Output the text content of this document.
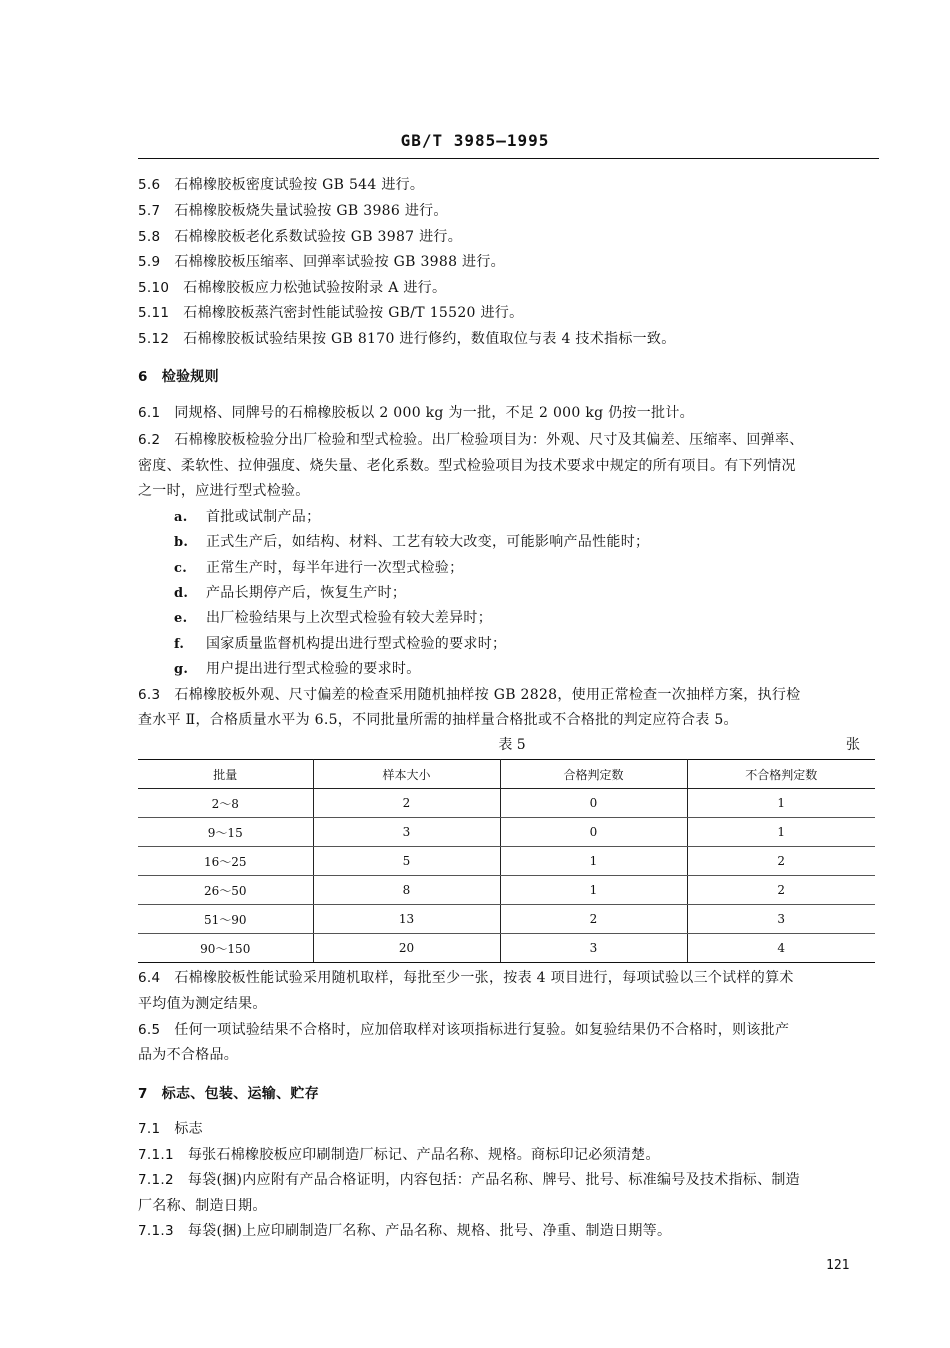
GB/T 3985—1995
5.6 石棉橡胶板密度试验按 GB 544 进行。
5.7 石棉橡胶板烧失量试验按 GB 3986 进行。
5.8 石棉橡胶板老化系数试验按 GB 3987 进行。
5.9 石棉橡胶板压缩率、回弹率试验按 GB 3988 进行。
5.10 石棉橡胶板应力松弛试验按附录 A 进行。
5.11 石棉橡胶板蒸汽密封性能试验按 GB/T 15520 进行。
5.12 石棉橡胶板试验结果按 GB 8170 进行修约，数值取位与表 4 技术指标一致。
6 检验规则
6.1 同规格、同牌号的石棉橡胶板以 2 000 kg 为一批，不足 2 000 kg 仍按一批计。
6.2 石棉橡胶板检验分出厂检验和型式检验。出厂检验项目为：外观、尺寸及其偏差、压缩率、回弹率、
密度、柔软性、拉伸强度、烧失量、老化系数。型式检验项目为技术要求中规定的所有项目。有下列情况
之一时，应进行型式检验。
a. 首批或试制产品；
b. 正式生产后，如结构、材料、工艺有较大改变，可能影响产品性能时；
c. 正常生产时，每半年进行一次型式检验；
d. 产品长期停产后，恢复生产时；
e. 出厂检验结果与上次型式检验有较大差异时；
f. 国家质量监督机构提出进行型式检验的要求时；
g. 用户提出进行型式检验的要求时。
6.3 石棉橡胶板外观、尺寸偏差的检查采用随机抽样按 GB 2828，使用正常检查一次抽样方案，执行检
查水平 Ⅱ，合格质量水平为 6.5，不同批量所需的抽样量合格批或不合格批的判定应符合表 5。
表 5	张
批量	样本大小	合格判定数	不合格判定数
2～8	2	0	1
9～15	3	0	1
16～25	5	1	2
26～50	8	1	2
51～90	13	2	3
90～150	20	3	4
6.4 石棉橡胶板性能试验采用随机取样，每批至少一张，按表 4 项目进行，每项试验以三个试样的算术
平均值为测定结果。
6.5 任何一项试验结果不合格时，应加倍取样对该项指标进行复验。如复验结果仍不合格时，则该批产
品为不合格品。
7 标志、包装、运输、贮存
7.1 标志
7.1.1 每张石棉橡胶板应印刷制造厂标记、产品名称、规格。商标印记必须清楚。
7.1.2 每袋(捆)内应附有产品合格证明，内容包括：产品名称、牌号、批号、标准编号及技术指标、制造
厂名称、制造日期。
7.1.3 每袋(捆)上应印刷制造厂名称、产品名称、规格、批号、净重、制造日期等。
121
